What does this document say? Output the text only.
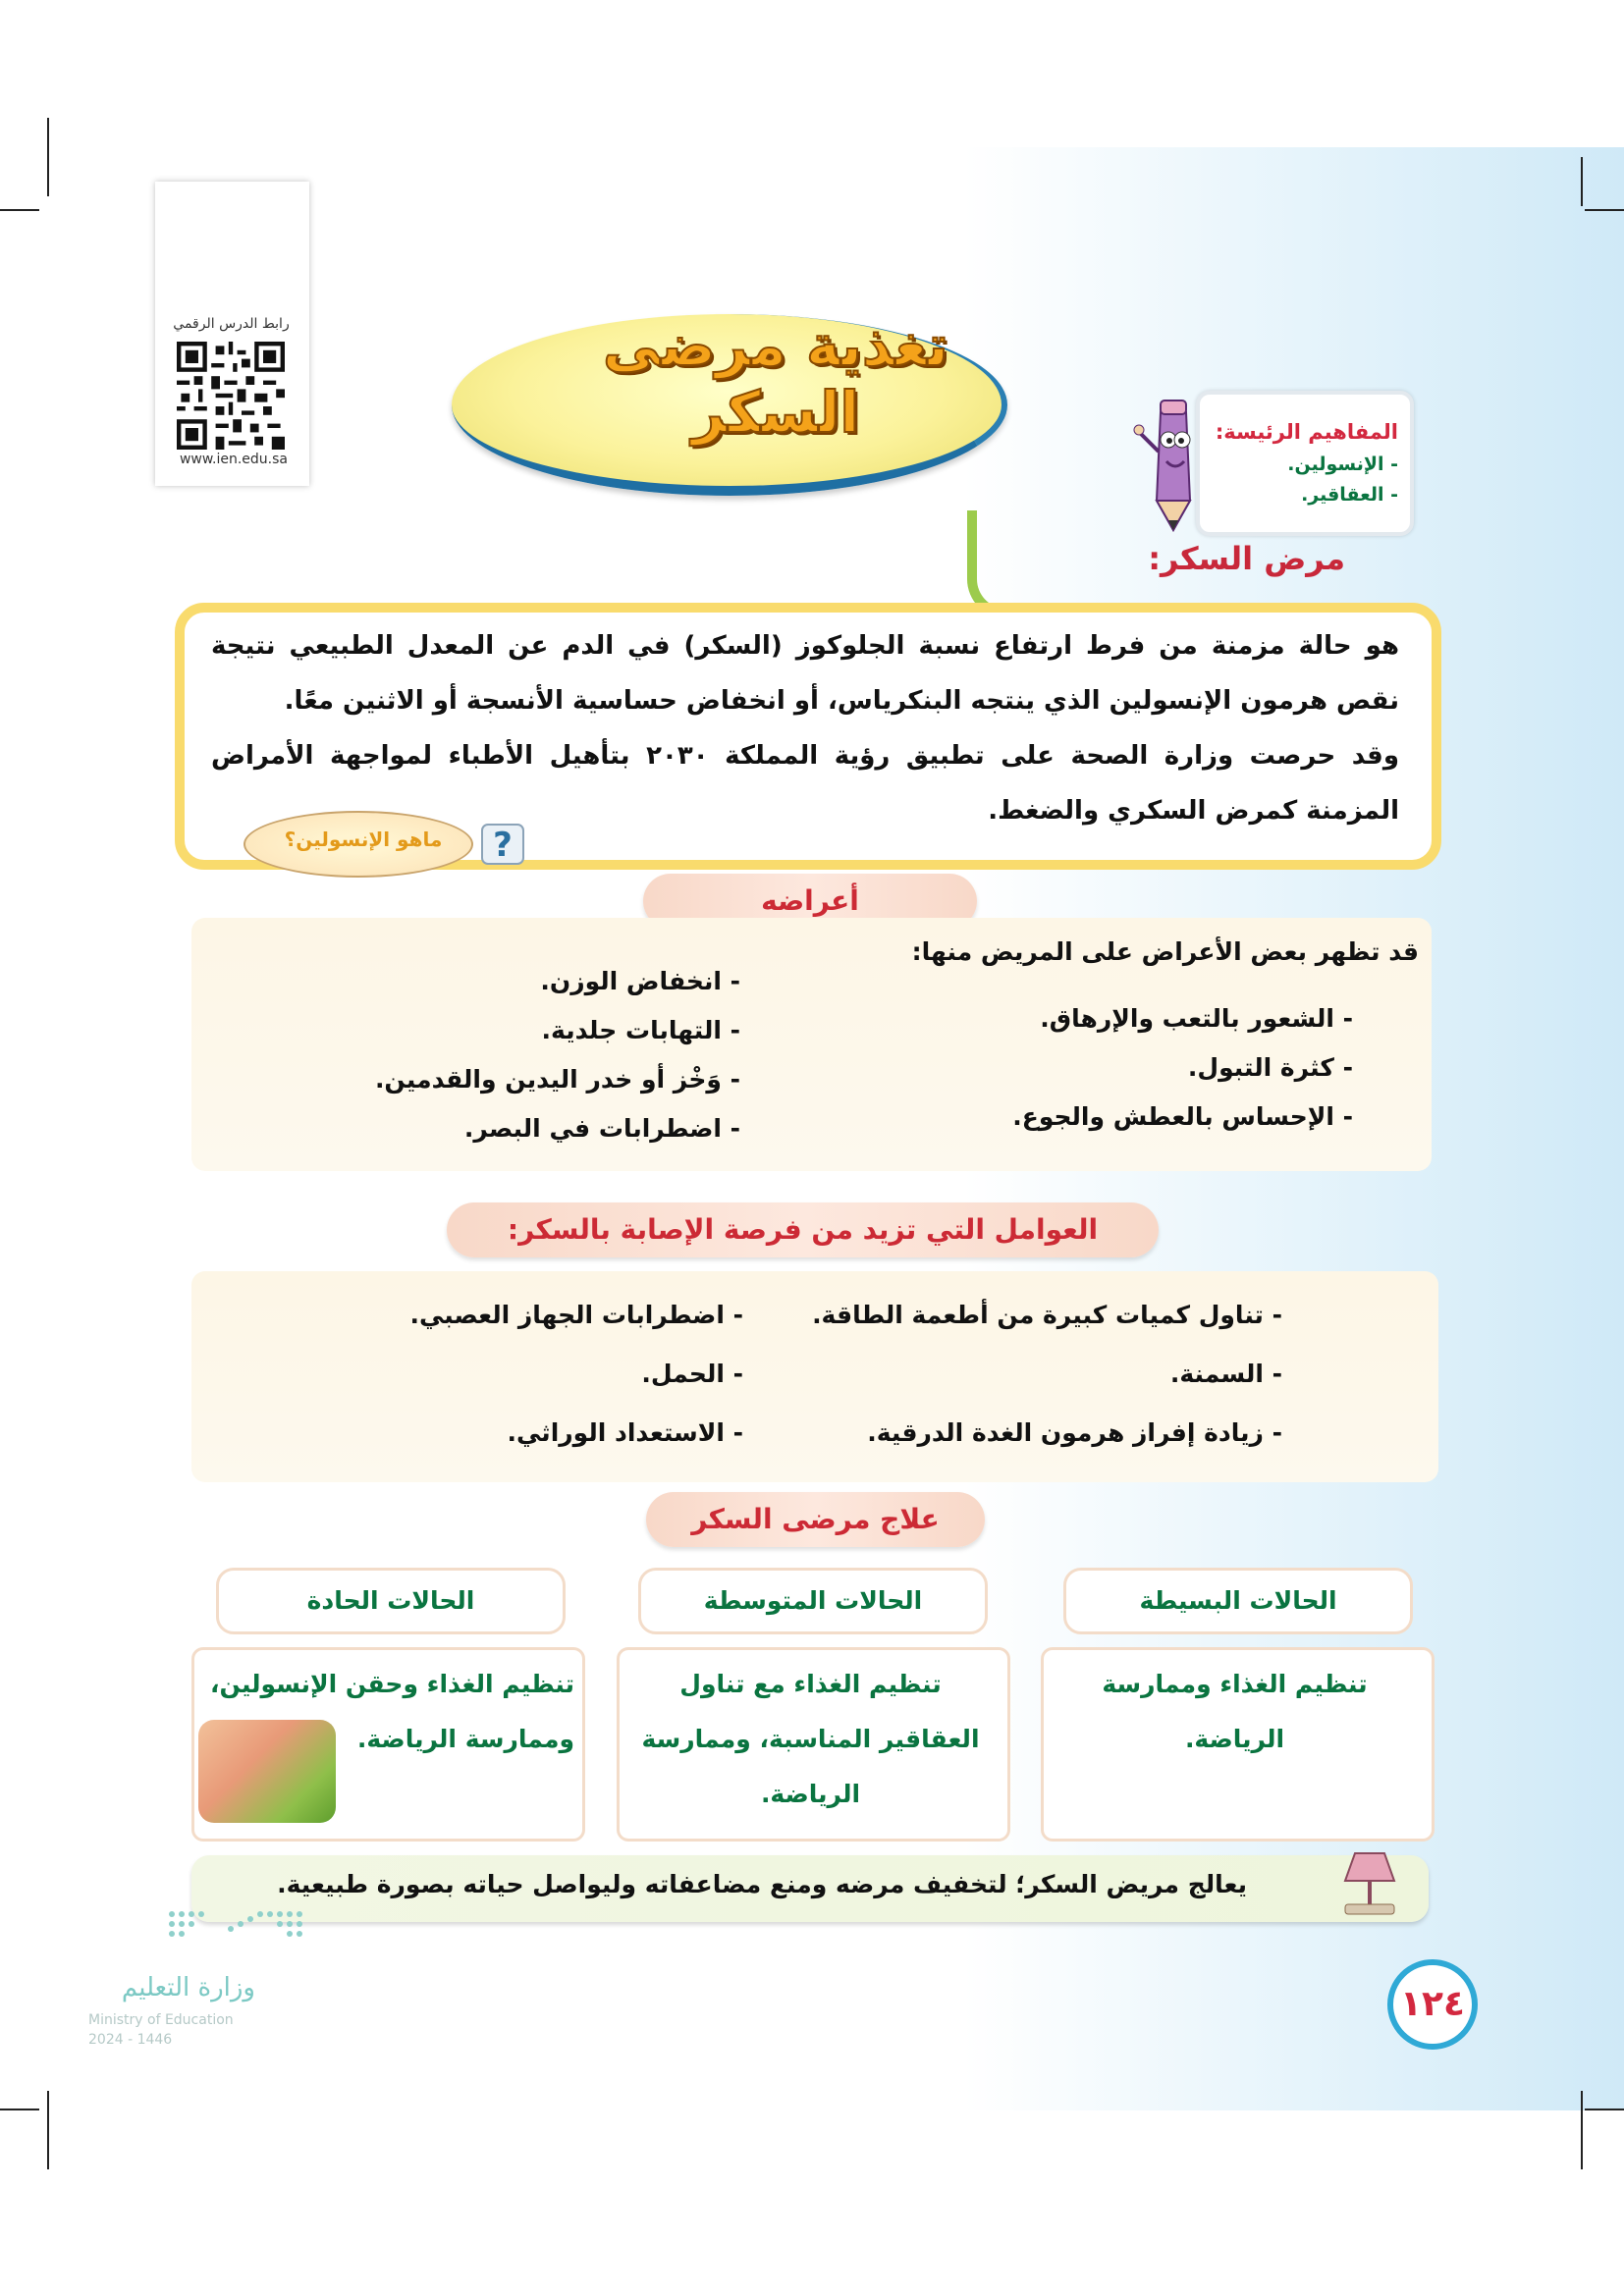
رابط الدرس الرقمي
www.ien.edu.sa
تغذية مرضى
السكر	المفاهيم الرئيسة:
- الإنسولين.
- العقاقير.
مرض السكر:
هو حالة مزمنة من فرط ارتفاع نسبة الجلوكوز (السكر) في الدم عن المعدل الطبيعي نتيجة نقص هرمون الإنسولين الذي ينتجه البنكرياس، أو انخفاض حساسية الأنسجة أو الاثنين معًا.
وقد حرصت وزارة الصحة على تطبيق رؤية المملكة ٢٠٣٠ بتأهيل الأطباء لمواجهة الأمراض المزمنة كمرض السكري والضغط.
ماهو الإنسولين؟	?
أعراضه
قد تظهر بعض الأعراض على المريض منها:
- الشعور بالتعب والإرهاق.
- كثرة التبول.
- الإحساس بالعطش والجوع.
- انخفاض الوزن.
- التهابات جلدية.
- وَخْز أو خدر اليدين والقدمين.
- اضطرابات في البصر.
العوامل التي تزيد من فرصة الإصابة بالسكر:
- تناول كميات كبيرة من أطعمة الطاقة.
- السمنة.
- زيادة إفراز هرمون الغدة الدرقية.
- اضطرابات الجهاز العصبي.
- الحمل.
- الاستعداد الوراثي.
علاج مرضى السكر
الحالات البسيطة
الحالات المتوسطة
الحالات الحادة
تنظيم الغذاء وممارسة
الرياضة.
تنظيم الغذاء مع تناول
العقاقير المناسبة، وممارسة
الرياضة.
تنظيم الغذاء وحقن الإنسولين،
وممارسة الرياضة.
يعالج مريض السكر؛ لتخفيف مرضه ومنع مضاعفاته وليواصل حياته بصورة طبيعية.
١٢٤
وزارة التعليم
Ministry of Education
2024 - 1446
